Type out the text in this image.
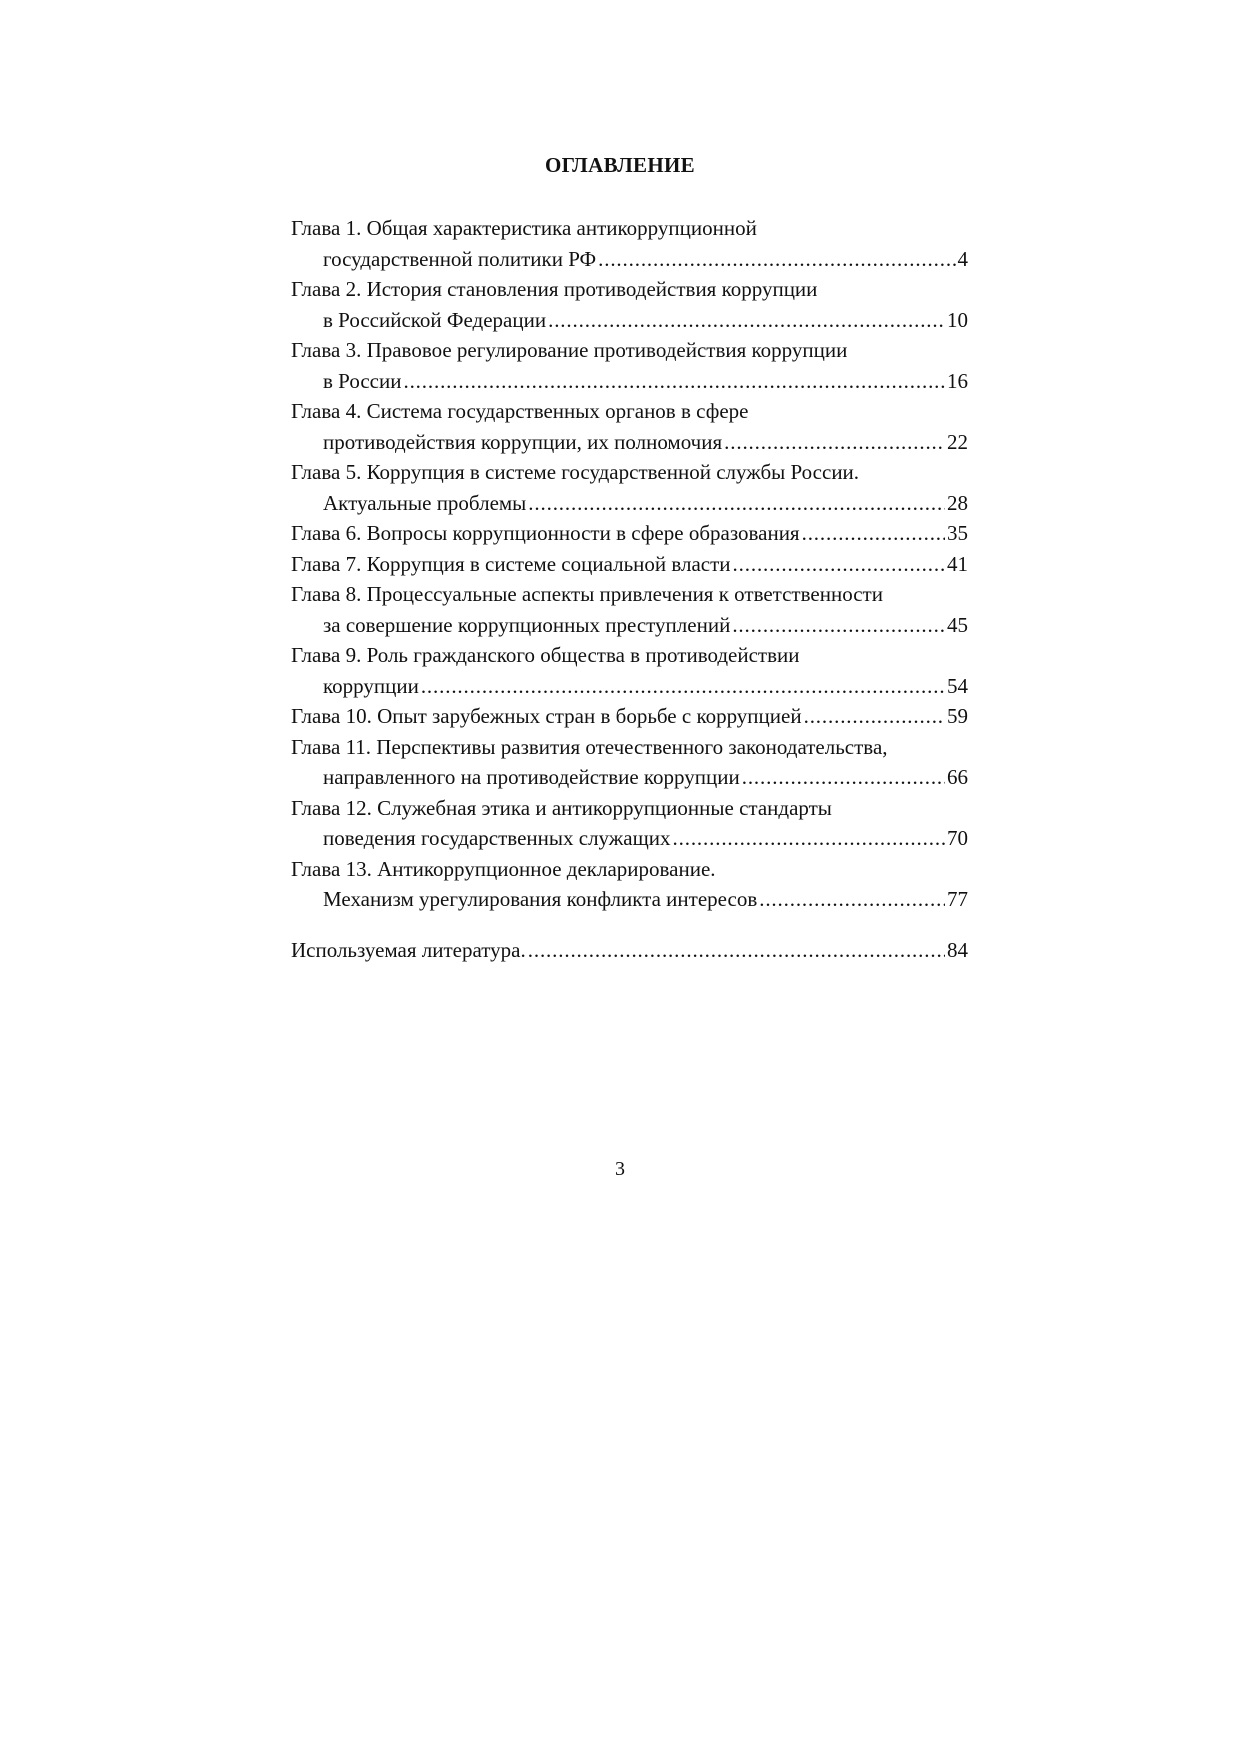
ОГЛАВЛЕНИЕ
Глава 1. Общая характеристика антикоррупционной
государственной политики РФ . . .	4
Глава 2. История становления противодействия коррупции
в Российской Федерации . . .	10
Глава 3. Правовое регулирование противодействия коррупции
в России . . .	16
Глава 4. Система государственных органов в сфере
противодействия коррупции, их полномочия . . .	22
Глава 5. Коррупция в системе государственной службы России.
Актуальные проблемы . . .	28
Глава 6. Вопросы коррупционности в сфере образования . . .	35
Глава 7. Коррупция в системе социальной власти . . .	41
Глава 8. Процессуальные аспекты привлечения к ответственности
за совершение коррупционных преступлений . . .	45
Глава 9. Роль гражданского общества в противодействии
коррупции . . .	54
Глава 10. Опыт зарубежных стран в борьбе с коррупцией . . .	59
Глава 11. Перспективы развития отечественного законодательства,
направленного на противодействие коррупции . . .	66
Глава 12. Служебная этика и антикоррупционные стандарты
поведения государственных служащих . . .	70
Глава 13. Антикоррупционное декларирование.
Механизм урегулирования конфликта интересов . . .	77
Используемая литература. . . .	84
3
